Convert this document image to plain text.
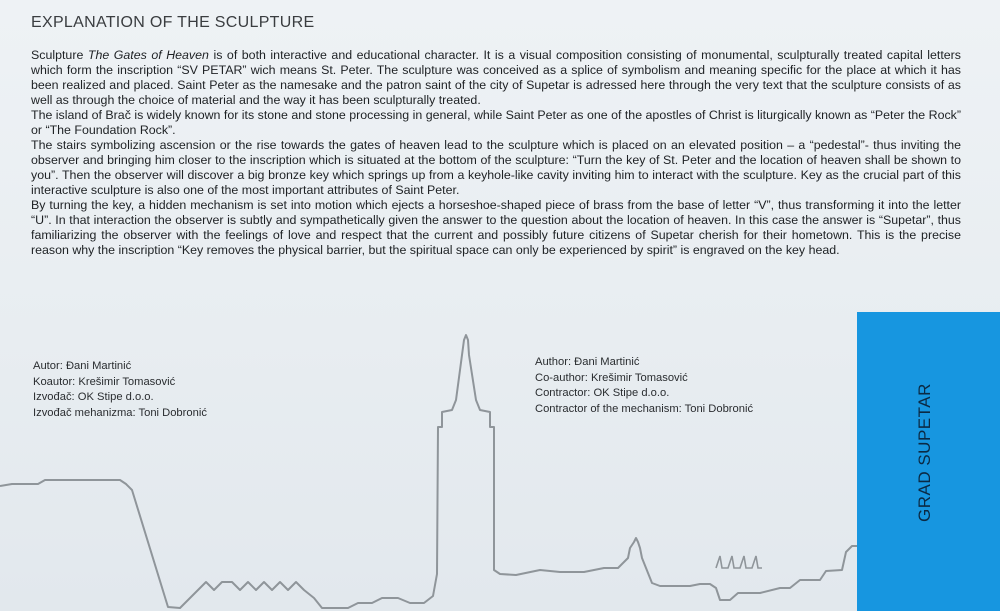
EXPLANATION OF THE SCULPTURE

Sculpture The Gates of Heaven is of both interactive and educational character. It is a visual composition consisting of monumental, sculpturally treated capital letters which form the inscription “SV PETAR” wich means St. Peter. The sculpture was conceived as a splice of symbolism and meaning specific for the place at which it has been realized and placed. Saint Peter as the namesake and the patron saint of the city of Supetar is adressed here through the very text that the sculpture consists of as well as through the choice of material and the way it has been sculpturally treated.

The island of Brač is widely known for its stone and stone processing in general, while Saint Peter as one of the apostles of Christ is liturgically known as “Peter the Rock” or “The Foundation Rock”.

The stairs symbolizing ascension or the rise towards the gates of heaven lead to the sculpture which is placed on an elevated position – a “pedestal”- thus inviting the observer and bringing him closer to the inscription which is situated at the bottom of the sculpture: “Turn the key of St. Peter and the location of heaven shall be shown to you”. Then the observer will discover a big bronze key which springs up from a keyhole-like cavity inviting him to interact with the sculpture. Key as the crucial part of this interactive sculpture is also one of the most important attributes of Saint Peter.

By turning the key, a hidden mechanism is set into motion which ejects a horseshoe-shaped piece of brass from the base of letter “V”, thus transforming it into the letter “U”. In that interaction the observer is subtly and sympathetically given the answer to the question about the location of heaven. In this case the answer is “Supetar”, thus familiarizing the observer with the feelings of love and respect that the current and possibly future citizens of Supetar cherish for their hometown. This is the precise reason why the inscription “Key removes the physical barrier, but the spiritual space can only be experienced by spirit” is engraved on the key head.

Autor: Đani Martinić
Koautor: Krešimir Tomasović
Izvođač: OK Stipe d.o.o.
Izvođač mehanizma: Toni Dobronić
Author: Đani Martinić
Co-author: Krešimir Tomasović
Contractor: OK Stipe d.o.o.
Contractor of the mechanism: Toni Dobronić	GRAD SUPETAR
